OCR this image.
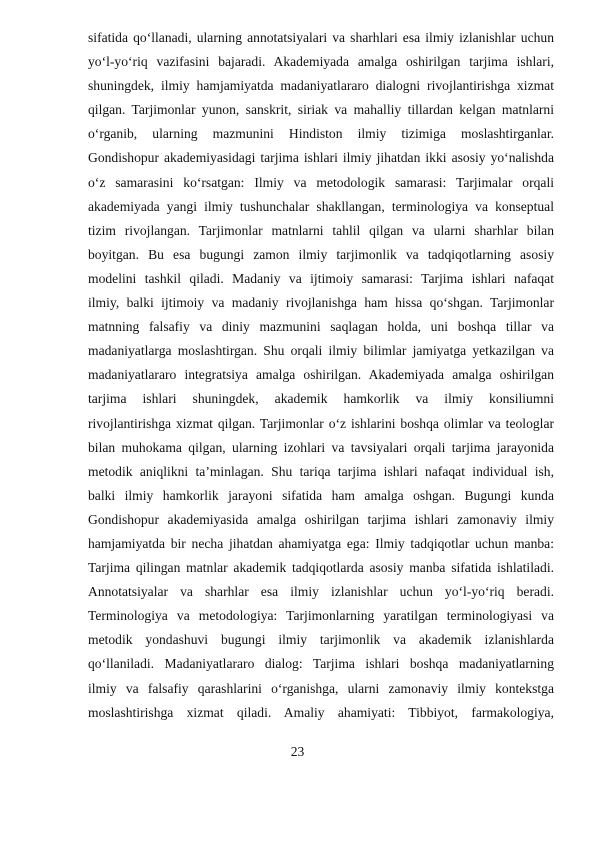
sifatida qo‘llanadi, ularning annotatsiyalari va sharhlari esa ilmiy izlanishlar uchun
yo‘l-yo‘riq vazifasini bajaradi. Akademiyada amalga oshirilgan tarjima ishlari,
shuningdek, ilmiy hamjamiyatda madaniyatlararo dialogni rivojlantirishga xizmat
qilgan. Tarjimonlar yunon, sanskrit, siriak va mahalliy tillardan kelgan matnlarni
o‘rganib, ularning mazmunini Hindiston ilmiy tizimiga moslashtirganlar.
Gondishopur akademiyasidagi tarjima ishlari ilmiy jihatdan ikki asosiy yo‘nalishda
o‘z samarasini ko‘rsatgan: Ilmiy va metodologik samarasi: Tarjimalar orqali
akademiyada yangi ilmiy tushunchalar shakllangan, terminologiya va konseptual
tizim rivojlangan. Tarjimonlar matnlarni tahlil qilgan va ularni sharhlar bilan
boyitgan. Bu esa bugungi zamon ilmiy tarjimonlik va tadqiqotlarning asosiy
modelini tashkil qiladi. Madaniy va ijtimoiy samarasi: Tarjima ishlari nafaqat
ilmiy, balki ijtimoiy va madaniy rivojlanishga ham hissa qo‘shgan. Tarjimonlar
matnning falsafiy va diniy mazmunini saqlagan holda, uni boshqa tillar va
madaniyatlarga moslashtirgan. Shu orqali ilmiy bilimlar jamiyatga yetkazilgan va
madaniyatlararo integratsiya amalga oshirilgan. Akademiyada amalga oshirilgan
tarjima ishlari shuningdek, akademik hamkorlik va ilmiy konsiliumni
rivojlantirishga xizmat qilgan. Tarjimonlar o‘z ishlarini boshqa olimlar va teologlar
bilan muhokama qilgan, ularning izohlari va tavsiyalari orqali tarjima jarayonida
metodik aniqlikni ta’minlagan. Shu tariqa tarjima ishlari nafaqat individual ish,
balki ilmiy hamkorlik jarayoni sifatida ham amalga oshgan. Bugungi kunda
Gondishopur akademiyasida amalga oshirilgan tarjima ishlari zamonaviy ilmiy
hamjamiyatda bir necha jihatdan ahamiyatga ega: Ilmiy tadqiqotlar uchun manba:
Tarjima qilingan matnlar akademik tadqiqotlarda asosiy manba sifatida ishlatiladi.
Annotatsiyalar va sharhlar esa ilmiy izlanishlar uchun yo‘l-yo‘riq beradi.
Terminologiya va metodologiya: Tarjimonlarning yaratilgan terminologiyasi va
metodik yondashuvi bugungi ilmiy tarjimonlik va akademik izlanishlarda
qo‘llaniladi. Madaniyatlararo dialog: Tarjima ishlari boshqa madaniyatlarning
ilmiy va falsafiy qarashlarini o‘rganishga, ularni zamonaviy ilmiy kontekstga
moslashtirishga xizmat qiladi. Amaliy ahamiyati: Tibbiyot, farmakologiya,
23
